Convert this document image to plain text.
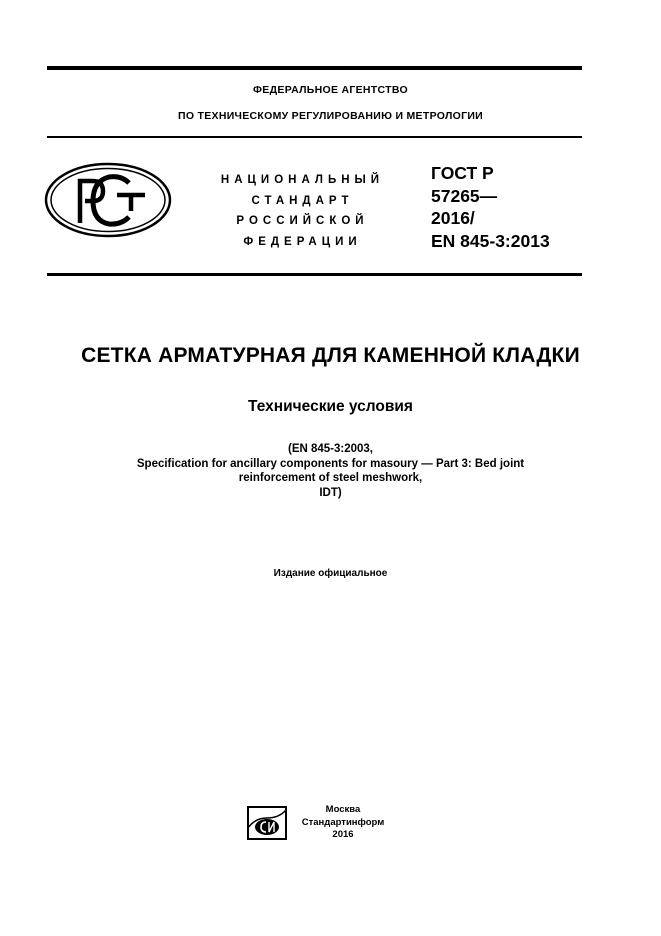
ФЕДЕРАЛЬНОЕ АГЕНТСТВО
ПО ТЕХНИЧЕСКОМУ РЕГУЛИРОВАНИЮ И МЕТРОЛОГИИ
НАЦИОНАЛЬНЫЙ
СТАНДАРТ
РОССИЙСКОЙ
ФЕДЕРАЦИИ
ГОСТ Р
57265—
2016/
EN 845-3:2013
СЕТКА АРМАТУРНАЯ ДЛЯ КАМЕННОЙ КЛАДКИ
Технические условия
(EN 845-3:2003,
Specification for ancillary components for masoury — Part 3: Bed joint
reinforcement of steel meshwork,
IDT)
Издание официальное
Москва
Стандартинформ
2016
